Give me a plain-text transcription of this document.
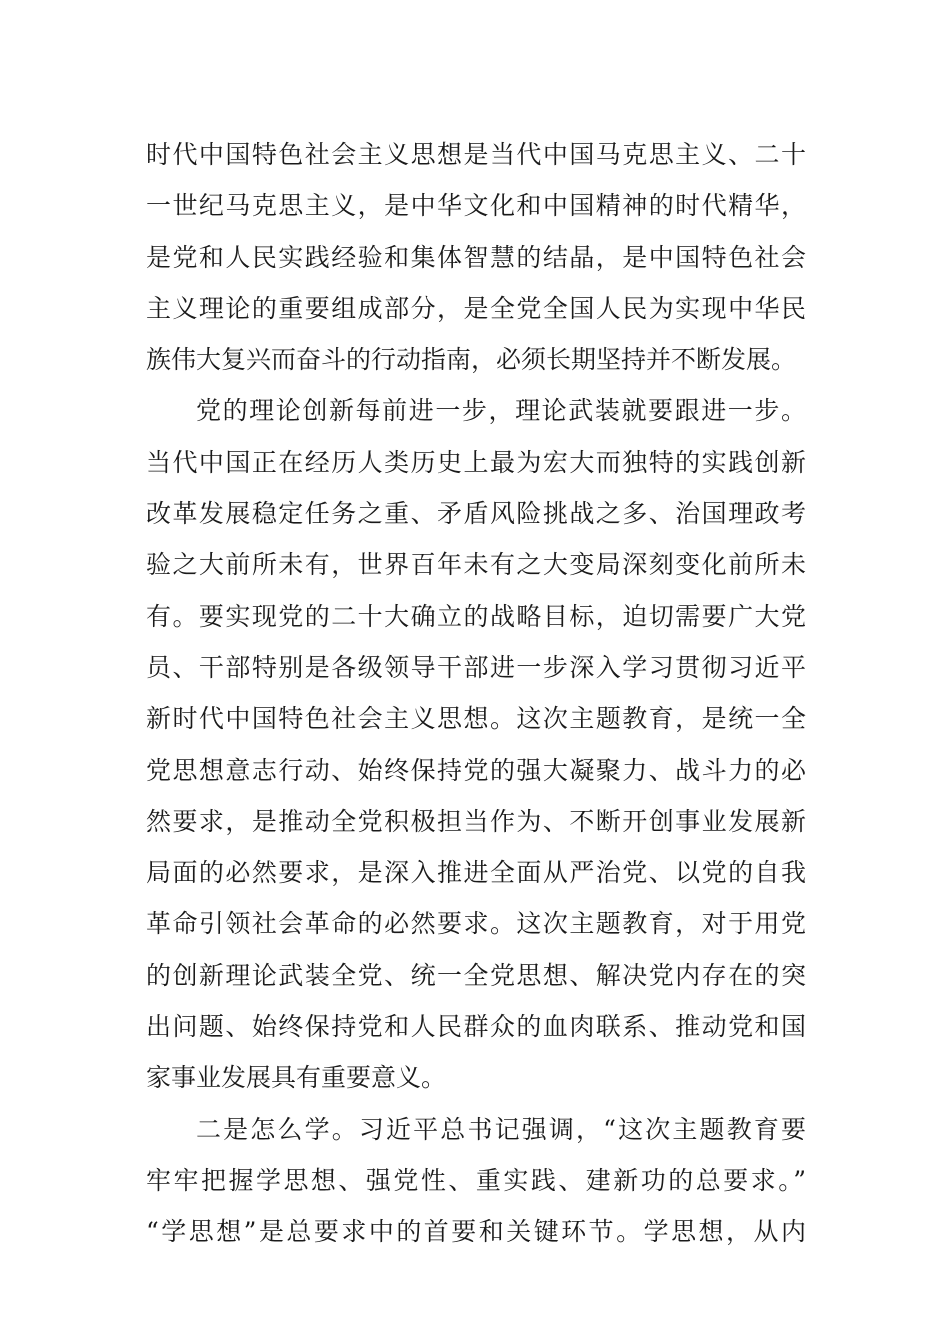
时代中国特色社会主义思想是当代中国马克思主义、二十
一世纪马克思主义，是中华文化和中国精神的时代精华，
是党和人民实践经验和集体智慧的结晶，是中国特色社会
主义理论的重要组成部分，是全党全国人民为实现中华民
族伟大复兴而奋斗的行动指南，必须长期坚持并不断发展。
党的理论创新每前进一步，理论武装就要跟进一步。
当代中国正在经历人类历史上最为宏大而独特的实践创新
改革发展稳定任务之重、矛盾风险挑战之多、治国理政考
验之大前所未有，世界百年未有之大变局深刻变化前所未
有。要实现党的二十大确立的战略目标，迫切需要广大党
员、干部特别是各级领导干部进一步深入学习贯彻习近平
新时代中国特色社会主义思想。这次主题教育，是统一全
党思想意志行动、始终保持党的强大凝聚力、战斗力的必
然要求，是推动全党积极担当作为、不断开创事业发展新
局面的必然要求，是深入推进全面从严治党、以党的自我
革命引领社会革命的必然要求。这次主题教育，对于用党
的创新理论武装全党、统一全党思想、解决党内存在的突
出问题、始终保持党和人民群众的血肉联系、推动党和国
家事业发展具有重要意义。
二是怎么学。习近平总书记强调，“这次主题教育要
牢牢把握学思想、强党性、重实践、建新功的总要求。”
“学思想”是总要求中的首要和关键环节。学思想，从内
